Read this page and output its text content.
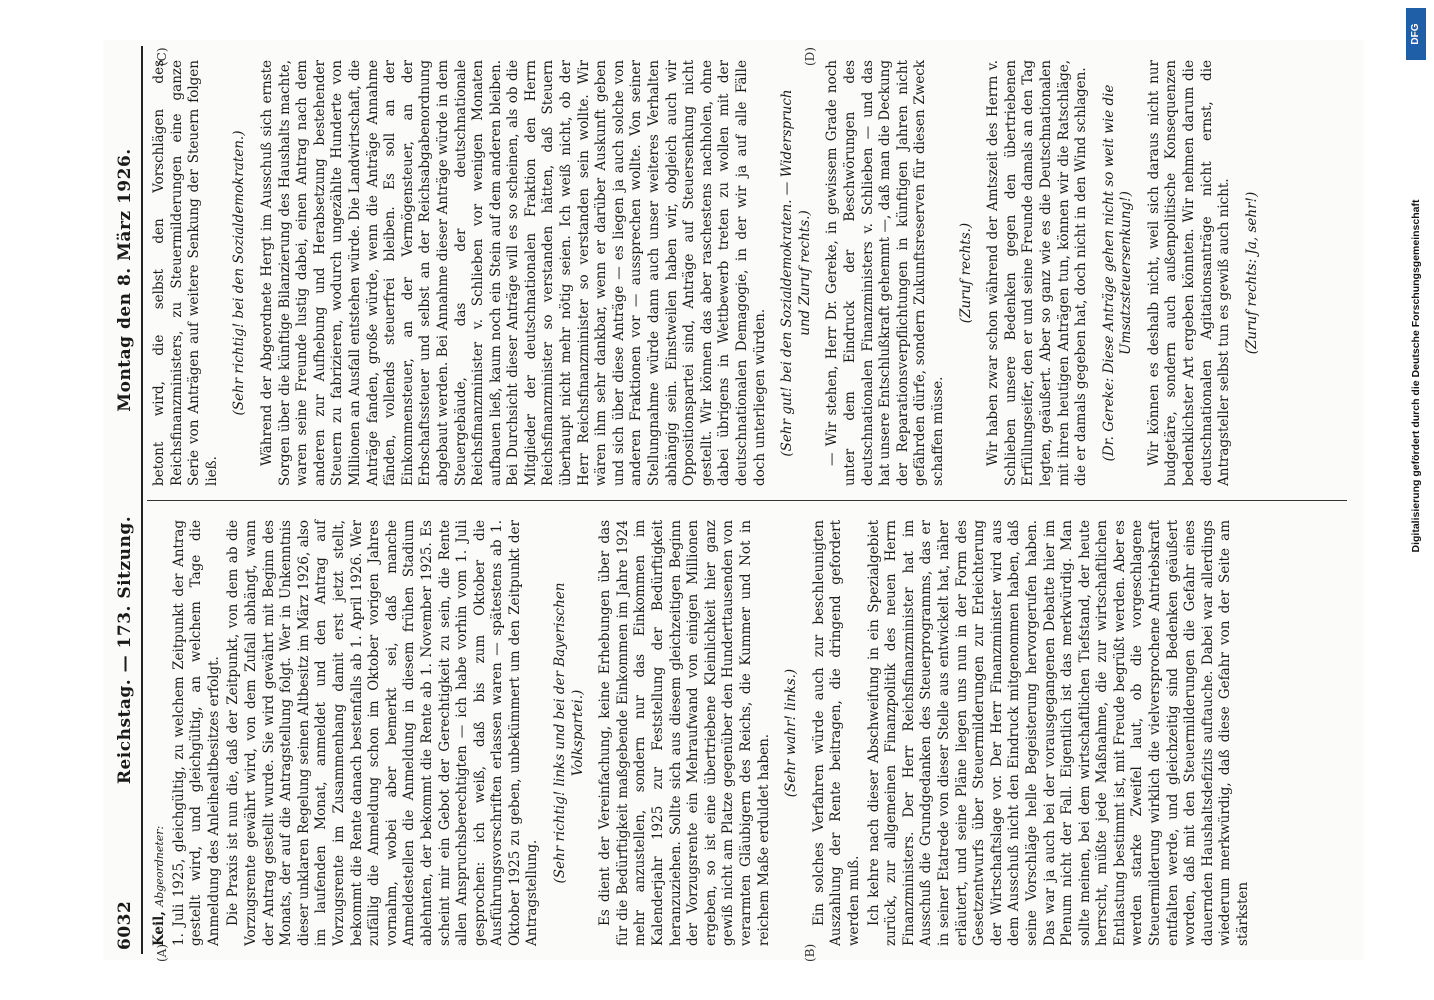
6032
Reichstag. — 173. Sitzung.
Montag den 8. März 1926.
(A)	(B)
(C)	(D)

Keil, Abgeordneter: 1. Juli 1925, gleichgültig, zu welchem Zeitpunkt der Antrag gestellt wird, und gleichgültig, an welchem Tage die Anmeldung des Anleihealtbesitzes erfolgt. Die Praxis ist nun die, daß der Zeitpunkt, von dem ab die Vorzugsrente gewährt wird, von dem Zufall abhängt, wann der Antrag gestellt wurde. Sie wird gewährt mit Beginn des Monats, der auf die Antragstellung folgt. Wer in Unkenntnis dieser unklaren Regelung seinen Altbesitz im März 1926, also im laufenden Monat, anmeldet und den Antrag auf Vorzugsrente im Zusammenhang damit erst jetzt stellt, bekommt die Rente danach bestenfalls ab 1. April 1926. Wer zufällig die Anmeldung schon im Oktober vorigen Jahres vornahm, wobei aber bemerkt sei, daß manche Anmeldestellen die Anmeldung in diesem frühen Stadium ablehnten, der bekommt die Rente ab 1. November 1925. Es scheint mir ein Gebot der Gerechtigkeit zu sein, die Rente allen Anspruchsberechtigten — ich habe vorhin vom 1. Juli gesprochen: ich weiß, daß bis zum Oktober die Ausführungsvorschriften erlassen waren — spätestens ab 1. Oktober 1925 zu geben, unbekümmert um den Zeitpunkt der Antragstellung.

(Sehr richtig! links und bei der Bayerischen Volkspartei.) Es dient der Vereinfachung, keine Erhebungen über das für die Bedürftigkeit maßgebende Einkommen im Jahre 1924 mehr anzustellen, sondern nur das Einkommen im Kalenderjahr 1925 zur Feststellung der Bedürftigkeit heranzuziehen. Sollte sich aus diesem gleichzeitigen Beginn der Vorzugsrente ein Mehraufwand von einigen Millionen ergeben, so ist eine übertriebene Kleinlichkeit hier ganz gewiß nicht am Platze gegenüber den Hunderttausenden von verarmten Gläubigern des Reichs, die Kummer und Not in reichem Maße erduldet haben.

(Sehr wahr! links.) Ein solches Verfahren würde auch zur beschleunigten Auszahlung der Rente beitragen, die dringend gefordert werden muß. Ich kehre nach dieser Abschweifung in ein Spezialgebiet zurück, zur allgemeinen Finanzpolitik des neuen Herrn Finanzministers. Der Herr Reichsfinanzminister hat im Ausschuß die Grundgedanken des Steuerprogramms, das er in seiner Etatrede von dieser Stelle aus entwickelt hat, näher erläutert, und seine Pläne liegen uns nun in der Form des Gesetzentwurfs über Steuermilderungen zur Erleichterung der Wirtschaftslage vor. Der Herr Finanzminister wird aus dem Ausschuß nicht den Eindruck mitgenommen haben, daß seine Vorschläge helle Begeisterung hervorgerufen haben. Das war ja auch bei der vorausgegangenen Debatte hier im Plenum nicht der Fall. Eigentlich ist das merkwürdig. Man sollte meinen, bei dem wirtschaftlichen Tiefstand, der heute herrscht, müßte jede Maßnahme, die zur wirtschaftlichen Entlastung bestimmt ist, mit Freude begrüßt werden. Aber es werden starke Zweifel laut, ob die vorgeschlagene Steuermilderung wirklich die vielversprochene Antriebskraft entfalten werde, und gleichzeitig sind Bedenken geäußert worden, daß mit den Steuermilderungen die Gefahr eines dauernden Haushaltsdefizits auftauche. Dabei war allerdings wiederum merkwürdig, daß diese Gefahr von der Seite am stärksten

betont wird, die selbst den Vorschlägen des Reichsfinanzministers, zu Steuermilderungen eine ganze Serie von Anträgen auf weitere Senkung der Steuern folgen ließ.

(Sehr richtig! bei den Sozialdemokraten.) Während der Abgeordnete Hergt im Ausschuß sich ernste Sorgen über die künftige Bilanzierung des Haushalts machte, waren seine Freunde lustig dabei, einen Antrag nach dem anderen zur Aufhebung und Herabsetzung bestehender Steuern zu fabrizieren, wodurch ungezählte Hunderte von Millionen an Ausfall entstehen würde. Die Landwirtschaft, die Anträge fanden, große würde, wenn die Anträge Annahme fänden, vollends steuerfrei bleiben. Es soll an der Einkommensteuer, an der Vermögensteuer, an der Erbschaftssteuer und selbst an der Reichsabgabenordnung abgebaut werden. Bei Annahme dieser Anträge würde in dem Steuergebäude, das der deutschnationale Reichsfinanzminister v. Schlieben vor wenigen Monaten aufbauen ließ, kaum noch ein Stein auf dem anderen bleiben. Bei Durchsicht dieser Anträge will es so scheinen, als ob die Mitglieder der deutschnationalen Fraktion den Herrn Reichsfinanzminister so verstanden hätten, daß Steuern überhaupt nicht mehr nötig seien. Ich weiß nicht, ob der Herr Reichsfinanzminister so verstanden sein wollte. Wir wären ihm sehr dankbar, wenn er darüber Auskunft geben und sich über diese Anträge — es liegen ja auch solche von anderen Fraktionen vor — aussprechen wollte. Von seiner Stellungnahme würde dann auch unser weiteres Verhalten abhängig sein. Einstweilen haben wir, obgleich auch wir Oppositionspartei sind, Anträge auf Steuersenkung nicht gestellt. Wir können das aber raschestens nachholen, ohne dabei übrigens in Wettbewerb treten zu wollen mit der deutschnationalen Demagogie, in der wir ja auf alle Fälle doch unterliegen würden. (Sehr gut! bei den Sozialdemokraten. — Widerspruch und Zuruf rechts.) — Wir stehen, Herr Dr. Gereke, in gewissem Grade noch unter dem Eindruck der Beschwörungen des deutschnationalen Finanzministers v. Schlieben — und das hat unsere Entschlußkraft gehemmt —, daß man die Deckung der Reparationsverpflichtungen in künftigen Jahren nicht gefährden dürfe, sondern Zukunftsreserven für diesen Zweck schaffen müsse.

(Zuruf rechts.) Wir haben zwar schon während der Amtszeit des Herrn v. Schlieben unsere Bedenken gegen den übertriebenen Erfüllungseifer, den er und seine Freunde damals an den Tag legten, geäußert. Aber so ganz wie es die Deutschnationalen mit ihren heutigen Anträgen tun, können wir die Ratschläge, die er damals gegeben hat, doch nicht in den Wind schlagen. (Dr. Gereke: Diese Anträge gehen nicht so weit wie die Umsatzsteuersenkung!) Wir können es deshalb nicht, weil sich daraus nicht nur budgetäre, sondern auch außenpolitische Konsequenzen bedenklichster Art ergeben könnten. Wir nehmen darum die deutschnationalen Agitationsanträge nicht ernst, die Antragsteller selbst tun es gewiß auch nicht. (Zuruf rechts: Ja, sehr!)

DFG
Digitalisierung gefördert durch die Deutsche Forschungsgemeinschaft
